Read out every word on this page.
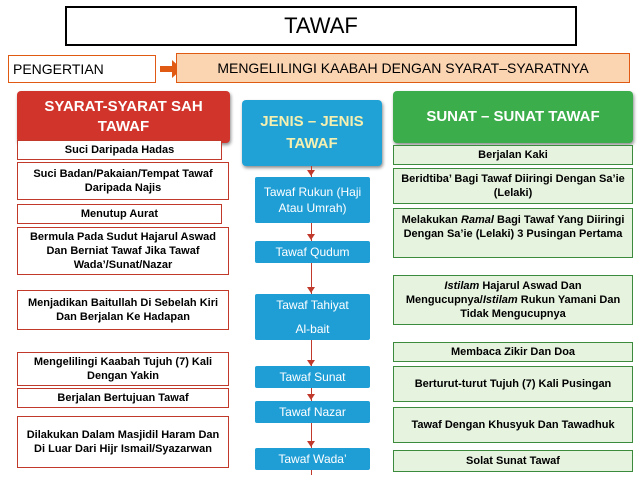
TAWAF
PENGERTIAN	MENGELILINGI KAABAH DENGAN SYARAT–SYARATNYA
SYARAT-SYARAT SAH TAWAF	JENIS – JENIS TAWAF
SUNAT – SUNAT TAWAF
Suci Daripada Hadas
Suci Badan/Pakaian/Tempat Tawaf Daripada Najis
Menutup Aurat
Bermula Pada Sudut Hajarul Aswad Dan Berniat Tawaf Jika Tawaf Wada’/Sunat/Nazar
Menjadikan Baitullah Di Sebelah Kiri Dan Berjalan Ke Hadapan
Mengelilingi Kaabah Tujuh (7) Kali Dengan Yakin
Berjalan Bertujuan Tawaf
Dilakukan Dalam Masjidil Haram Dan Di Luar Dari Hijr Ismail/Syazarwan
Tawaf Rukun (Haji Atau Umrah)
Tawaf Qudum
Tawaf Tahiyat
Al-bait
Tawaf Sunat
Tawaf Nazar
Tawaf Wada’
Berjalan Kaki
Beridtiba’ Bagi Tawaf Diiringi Dengan Sa’ie (Lelaki)
Melakukan Ramal Bagi Tawaf Yang Diiringi Dengan Sa’ie (Lelaki) 3 Pusingan Pertama
Istilam Hajarul Aswad Dan Mengucupnya/Istilam Rukun Yamani Dan Tidak Mengucupnya
Membaca Zikir Dan Doa
Berturut-turut Tujuh (7) Kali Pusingan
Tawaf Dengan Khusyuk Dan Tawadhuk
Solat Sunat Tawaf
